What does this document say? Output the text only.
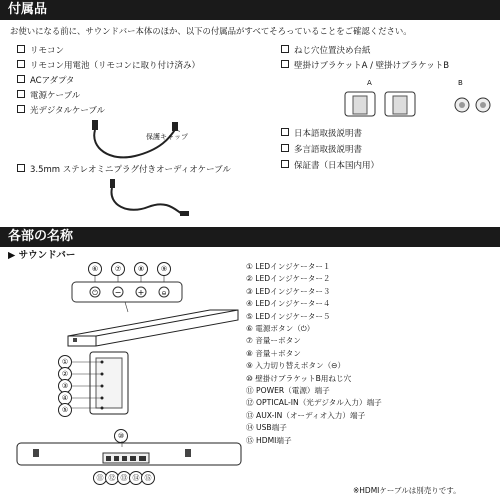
付属品
お使いになる前に、サウンドバー本体のほか、以下の付属品がすべてそろっていることをご確認ください。
リモコン
リモコン用電池（リモコンに取り付け済み）
ACアダプタ
電源ケーブル
光デジタルケーブル
保護キャップ
3.5mm ステレオミニプラグ付きオーディオケーブル
ねじ穴位置決め台紙
壁掛けブラケットA / 壁掛けブラケットB
A	B
日本語取扱説明書
多言語取扱説明書
保証書（日本国内用）
各部の名称
▶ サウンドバー
⑥	⑦	⑧	⑨
⏻ − +	⊖
①
②
③
④
⑤
⑩
⑪ ⑫ ⑬ ⑭ ⑮
① LEDインジケーター１
② LEDインジケーター２
③ LEDインジケーター３
④ LEDインジケーター４
⑤ LEDインジケーター５
⑥ 電源ボタン（⏻）
⑦ 音量ーボタン
⑧ 音量＋ボタン
⑨ 入力切り替えボタン（⊖）
⑩ 壁掛けブラケットB用ねじ穴
⑪ POWER（電源）端子
⑫ OPTICAL-IN（光デジタル入力）端子
⑬ AUX-IN（オーディオ入力）端子
⑭ USB端子
⑮ HDMI端子
※HDMIケーブルは別売りです。
